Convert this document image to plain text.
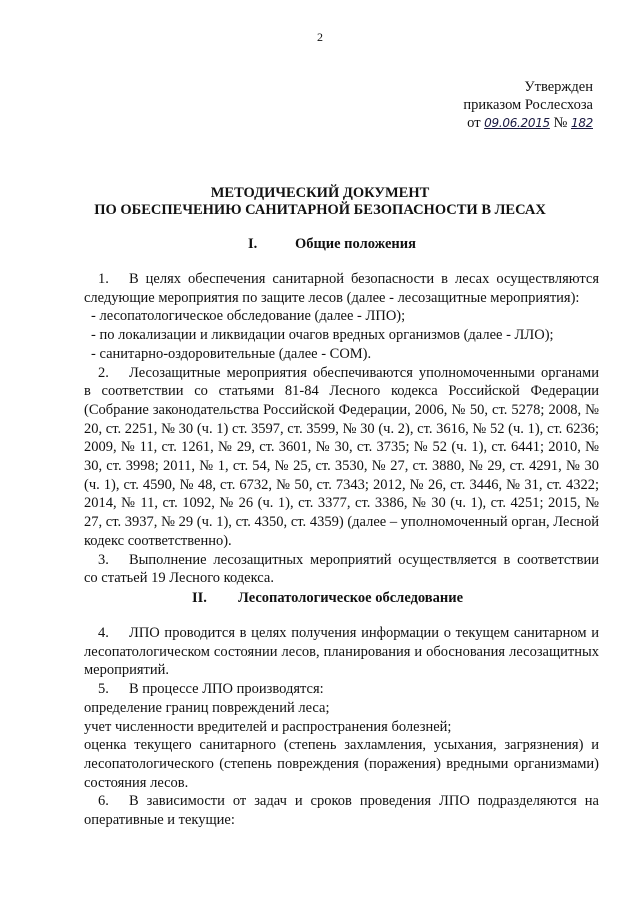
2
Утвержден
приказом Рослесхоза
от 09.06.2015 № 182
МЕТОДИЧЕСКИЙ ДОКУМЕНТ
ПО ОБЕСПЕЧЕНИЮ САНИТАРНОЙ БЕЗОПАСНОСТИ В ЛЕСАХ
I.	Общие положения

1. В целях обеспечения санитарной безопасности в лесах осуществляются следующие мероприятия по защите лесов (далее - лесозащитные мероприятия):

- лесопатологическое обследование (далее - ЛПО);

- по локализации и ликвидации очагов вредных организмов (далее - ЛЛО);

- санитарно-оздоровительные (далее - СОМ).

2. Лесозащитные мероприятия обеспечиваются уполномоченными органами в соответствии со статьями 81-84 Лесного кодекса Российской Федерации (Собрание законодательства Российской Федерации, 2006, № 50, ст. 5278; 2008, № 20, ст. 2251, № 30 (ч. 1) ст. 3597, ст. 3599, № 30 (ч. 2), ст. 3616, № 52 (ч. 1), ст. 6236; 2009, № 11, ст. 1261, № 29, ст. 3601, № 30, ст. 3735; № 52 (ч. 1), ст. 6441; 2010, № 30, ст. 3998; 2011, № 1, ст. 54, № 25, ст. 3530, № 27, ст. 3880, № 29, ст. 4291, № 30 (ч. 1), ст. 4590, № 48, ст. 6732, № 50, ст. 7343; 2012, № 26, ст. 3446, № 31, ст. 4322; 2014, № 11, ст. 1092, № 26 (ч. 1), ст. 3377, ст. 3386, № 30 (ч. 1), ст. 4251; 2015, № 27, ст. 3937, № 29 (ч. 1), ст. 4350, ст. 4359) (далее – уполномоченный орган, Лесной кодекс соответственно).

3. Выполнение лесозащитных мероприятий осуществляется в соответствии со статьей 19 Лесного кодекса.

II. Лесопатологическое обследование

4. ЛПО проводится в целях получения информации о текущем санитарном и лесопатологическом состоянии лесов, планирования и обоснования лесозащитных мероприятий.

5. В процессе ЛПО производятся:

определение границ повреждений леса;

учет численности вредителей и распространения болезней;

оценка текущего санитарного (степень захламления, усыхания, загрязнения) и лесопатологического (степень повреждения (поражения) вредными организмами) состояния лесов.

6. В зависимости от задач и сроков проведения ЛПО подразделяются на оперативные и текущие:
